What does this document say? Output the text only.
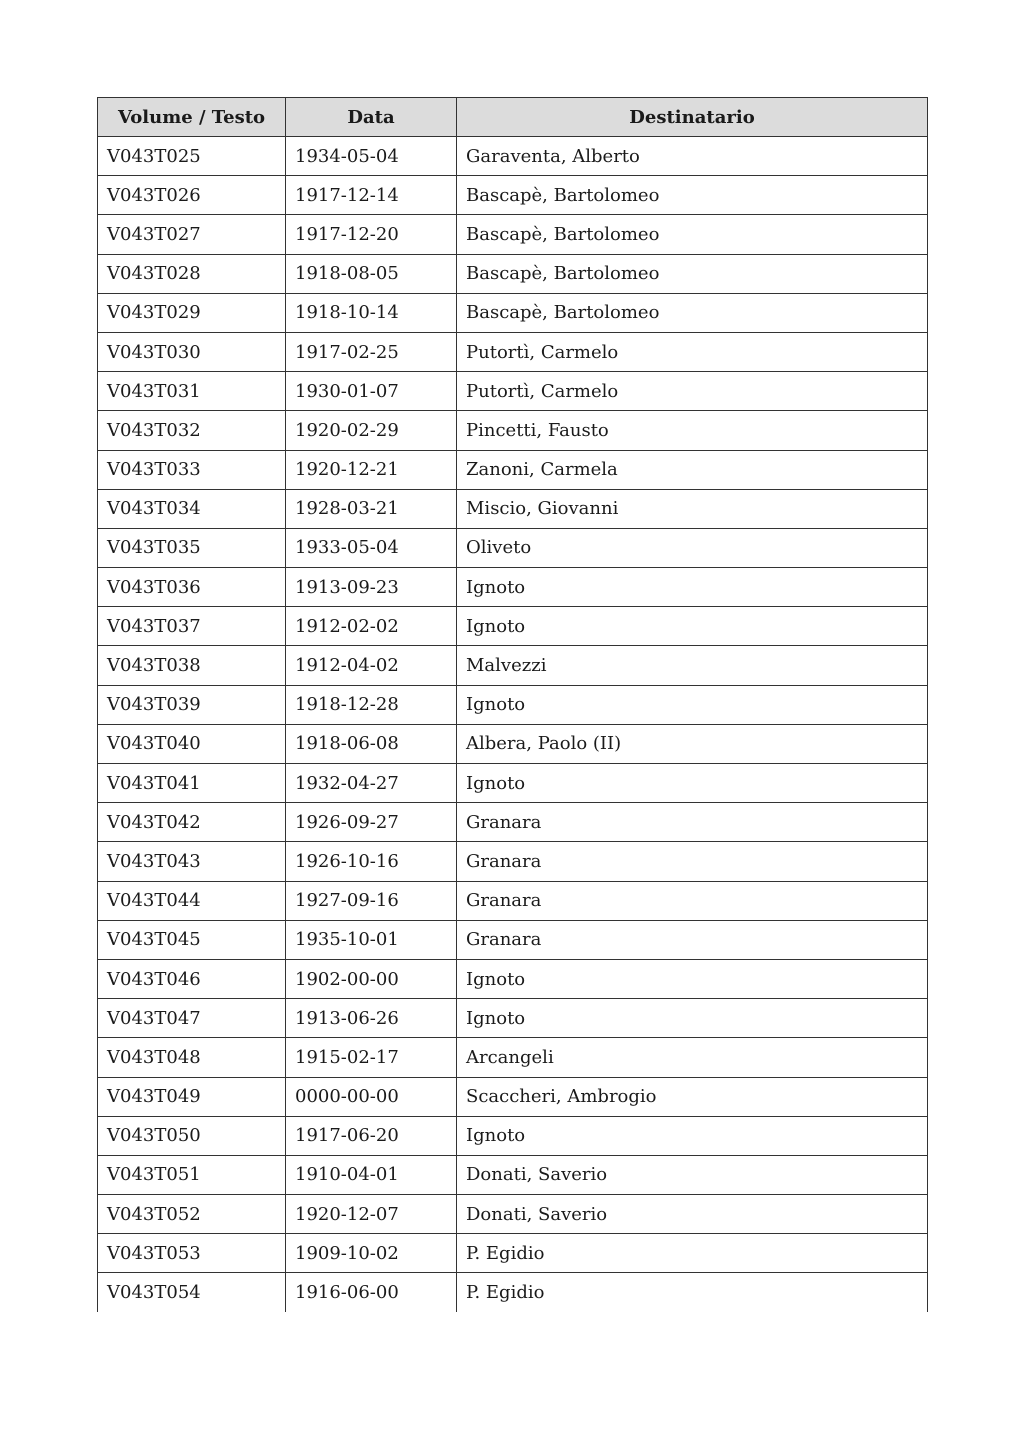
Volume / Testo	Data	Destinatario
V043T025	1934-05-04	Garaventa, Alberto
V043T026	1917-12-14	Bascapè, Bartolomeo
V043T027	1917-12-20	Bascapè, Bartolomeo
V043T028	1918-08-05	Bascapè, Bartolomeo
V043T029	1918-10-14	Bascapè, Bartolomeo
V043T030	1917-02-25	Putortì, Carmelo
V043T031	1930-01-07	Putortì, Carmelo
V043T032	1920-02-29	Pincetti, Fausto
V043T033	1920-12-21	Zanoni, Carmela
V043T034	1928-03-21	Miscio, Giovanni
V043T035	1933-05-04	Oliveto
V043T036	1913-09-23	Ignoto
V043T037	1912-02-02	Ignoto
V043T038	1912-04-02	Malvezzi
V043T039	1918-12-28	Ignoto
V043T040	1918-06-08	Albera, Paolo (II)
V043T041	1932-04-27	Ignoto
V043T042	1926-09-27	Granara
V043T043	1926-10-16	Granara
V043T044	1927-09-16	Granara
V043T045	1935-10-01	Granara
V043T046	1902-00-00	Ignoto
V043T047	1913-06-26	Ignoto
V043T048	1915-02-17	Arcangeli
V043T049	0000-00-00	Scaccheri, Ambrogio
V043T050	1917-06-20	Ignoto
V043T051	1910-04-01	Donati, Saverio
V043T052	1920-12-07	Donati, Saverio
V043T053	1909-10-02	P. Egidio
V043T054	1916-06-00	P. Egidio
